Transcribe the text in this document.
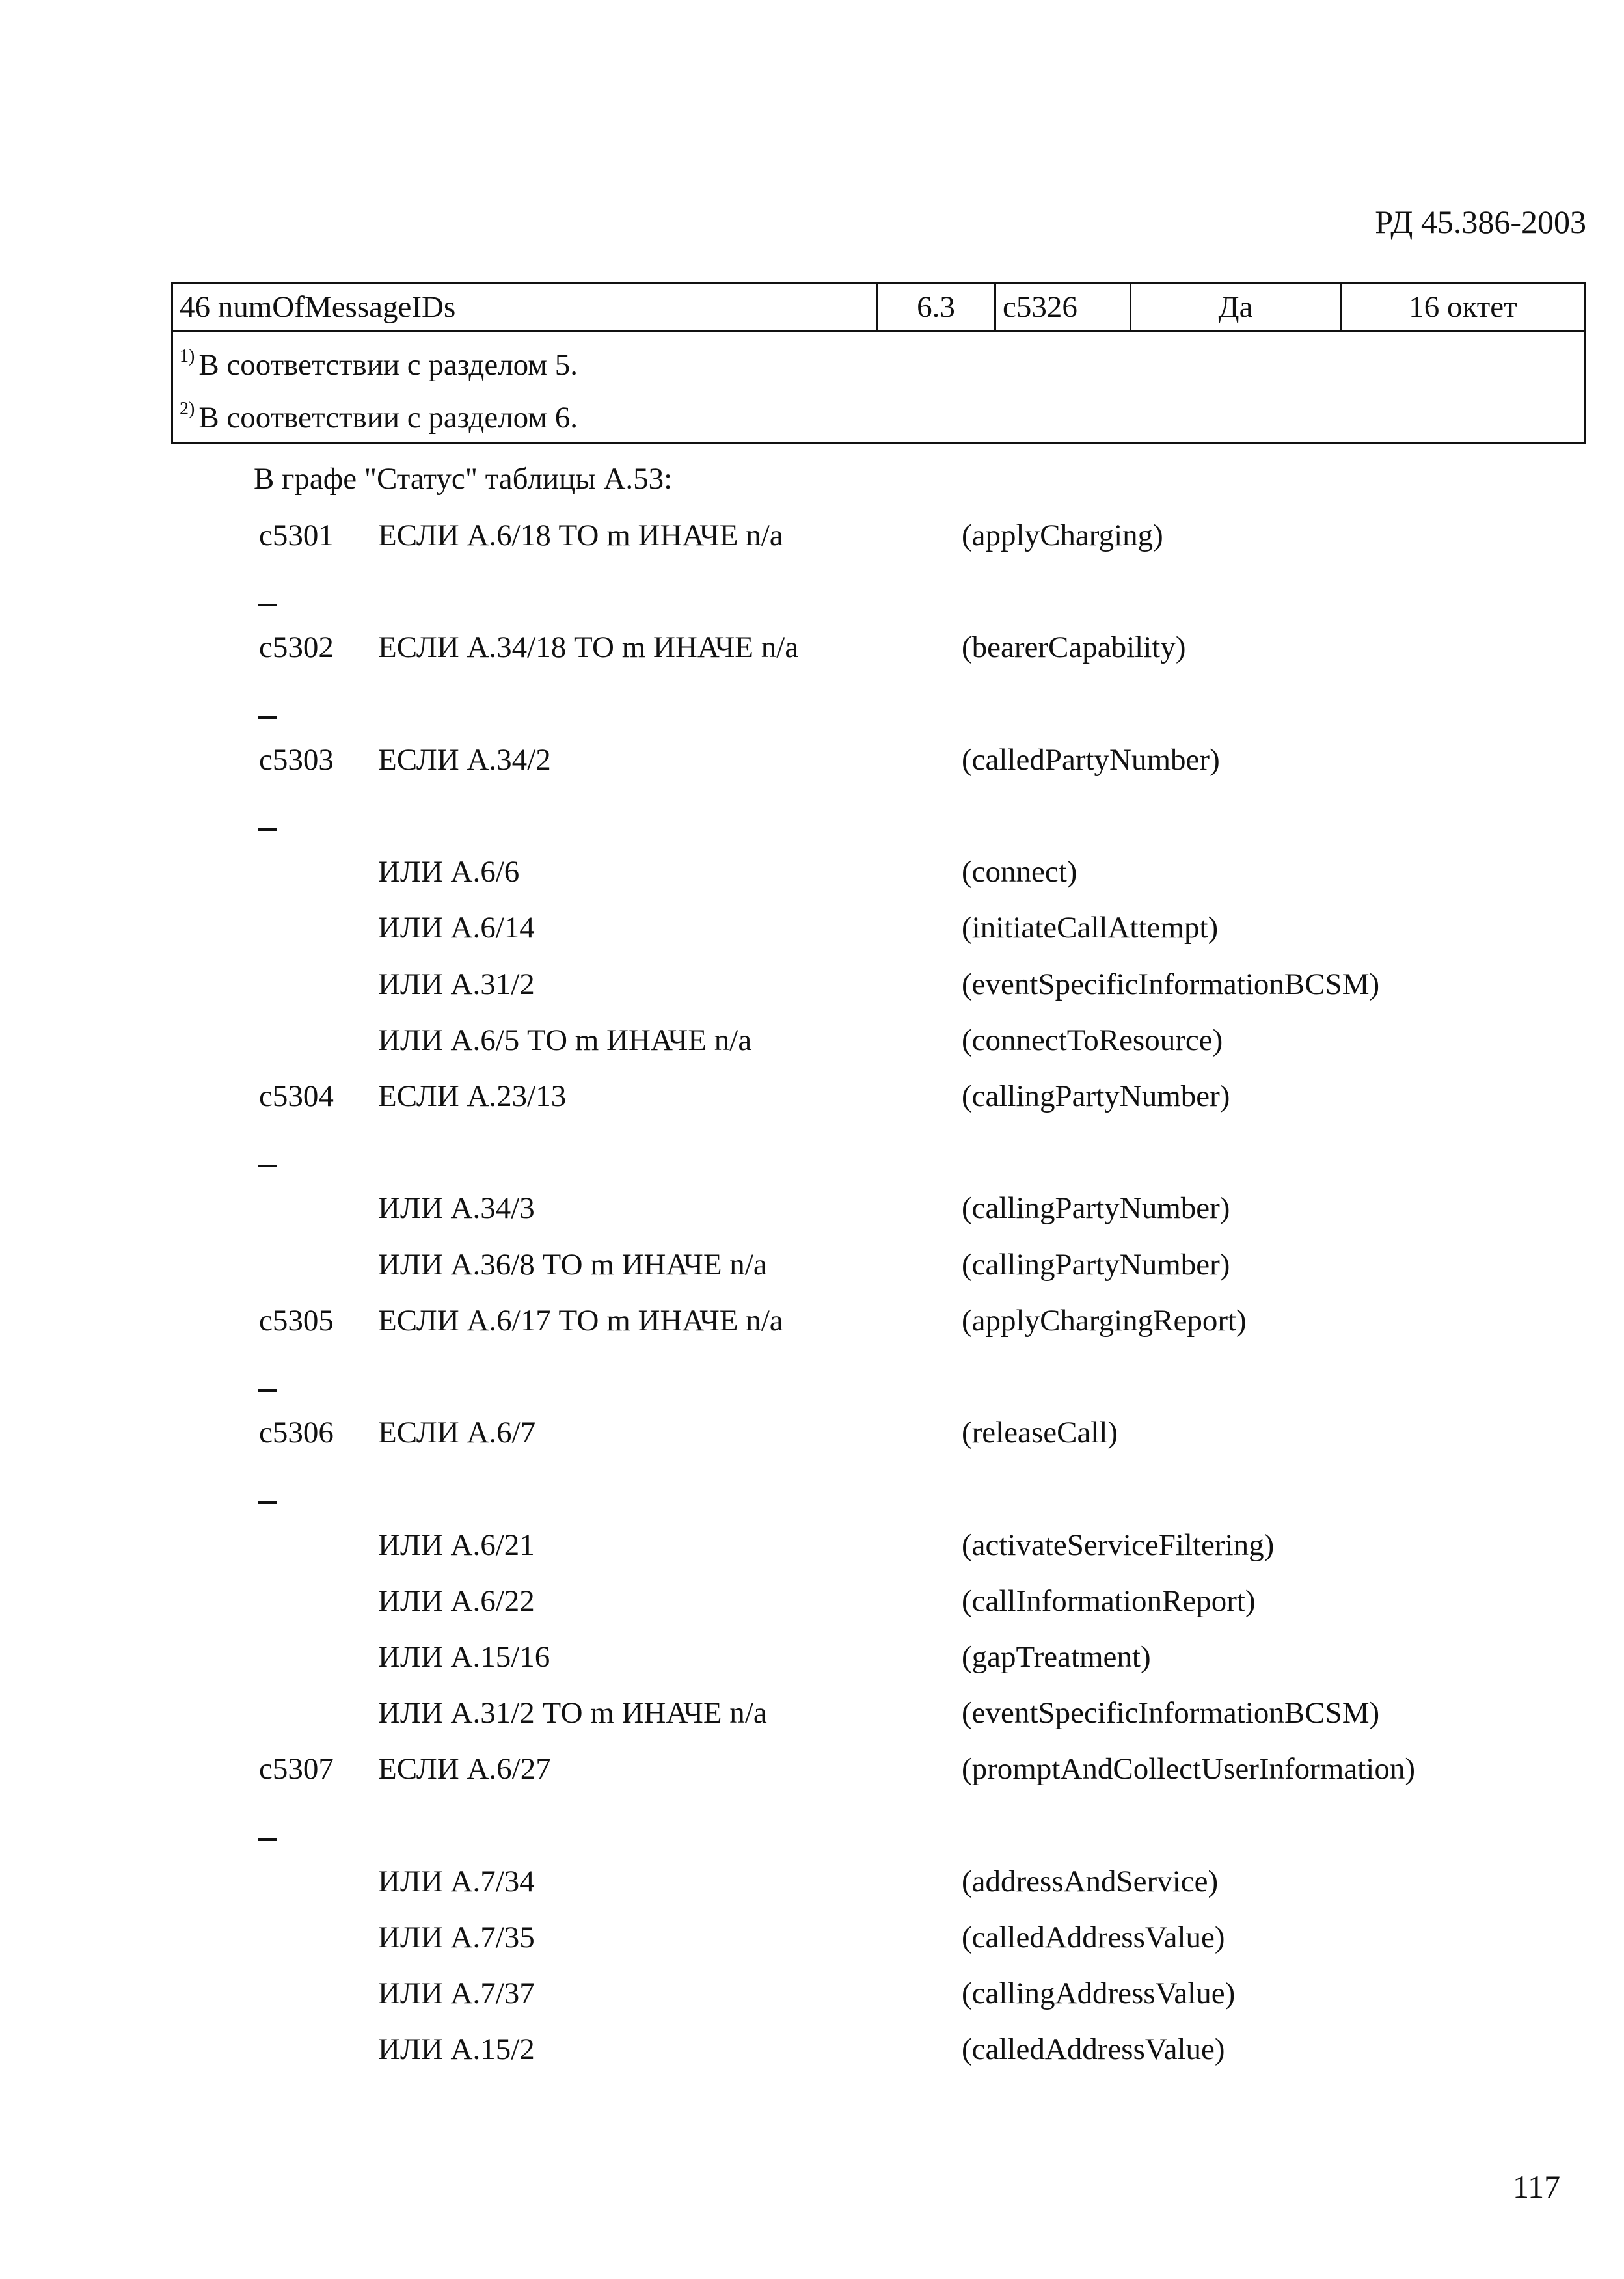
РД 45.386-2003
46 numOfMessageIDs	6.3	c5326	Да	16 октет

$^{1)}$ В соответствии с разделом 5.
$^{2)}$ В соответствии с разделом 6.
В графе "Статус" таблицы А.53:
c5301 ЕСЛИ А.6/18 ТО m ИНАЧЕ n/a	(applyCharging)
c5302 ЕСЛИ А.34/18 ТО m ИНАЧЕ n/a	(bearerCapability)
c5303 ЕСЛИ А.34/2	(calledPartyNumber)
ИЛИ А.6/6	(connect)
ИЛИ А.6/14	(initiateCallAttempt)
ИЛИ А.31/2	(eventSpecificInformationBCSM)
ИЛИ А.6/5 ТО m ИНАЧЕ n/a	(connectToResource)
c5304 ЕСЛИ А.23/13	(callingPartyNumber)
ИЛИ А.34/3	(callingPartyNumber)
ИЛИ А.36/8 ТО m ИНАЧЕ n/a	(callingPartyNumber)
c5305 ЕСЛИ А.6/17 ТО m ИНАЧЕ n/a	(applyChargingReport)
c5306 ЕСЛИ А.6/7	(releaseCall)
ИЛИ А.6/21	(activateServiceFiltering)
ИЛИ А.6/22	(callInformationReport)
ИЛИ А.15/16	(gapTreatment)
ИЛИ А.31/2 ТО m ИНАЧЕ n/a	(eventSpecificInformationBCSM)
c5307 ЕСЛИ А.6/27	(promptAndCollectUserInformation)
ИЛИ А.7/34	(addressAndService)
ИЛИ А.7/35	(calledAddressValue)
ИЛИ А.7/37	(callingAddressValue)
ИЛИ А.15/2	(calledAddressValue)
117
